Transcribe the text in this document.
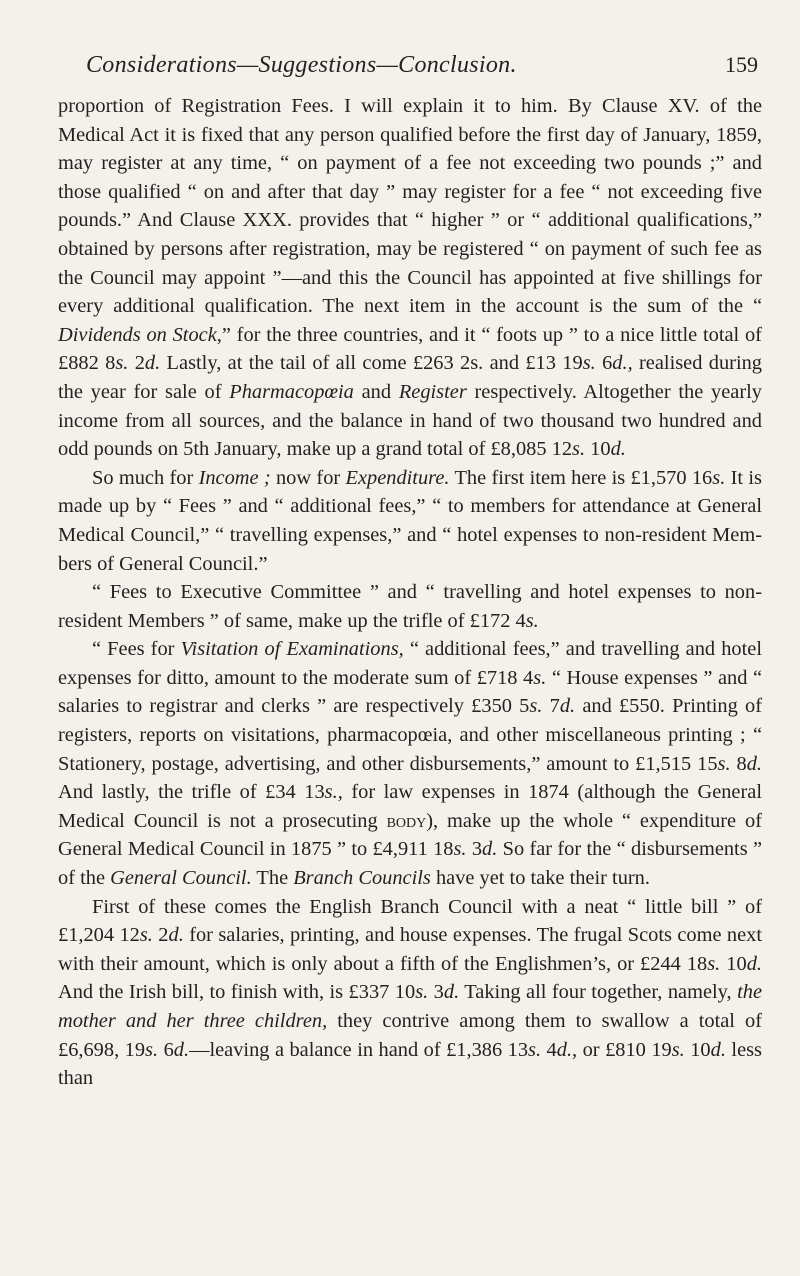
Considerations—Suggestions—Conclusion.	159

proportion of Registration Fees. I will explain it to him. By Clause XV. of the Medical Act it is fixed that any person qualified before the first day of January, 1859, may register at any time, “ on payment of a fee not exceeding two pounds ;” and those qualified “ on and after that day ” may register for a fee “ not exceeding five pounds.” And Clause XXX. provides that “ higher ” or “ additional qualifications,” obtained by persons after registration, may be registered “ on payment of such fee as the Council may appoint ”—and this the Council has appointed at five shillings for every additional qualification. The next item in the account is the sum of the “ Dividends on Stock,” for the three countries, and it “ foots up ” to a nice little total of £882 8s. 2d. Lastly, at the tail of all come £263 2s. and £13 19s. 6d., realised during the year for sale of Pharmacopœia and Register respectively. Altogether the yearly income from all sources, and the balance in hand of two thousand two hundred and odd pounds on 5th January, make up a grand total of £8,085 12s. 10d.

So much for Income ; now for Expenditure. The first item here is £1,570 16s. It is made up by “ Fees ” and “ additional fees,” “ to members for attendance at General Medical Council,” “ travelling expenses,” and “ hotel expenses to non-resident Members of General Council.”

“ Fees to Executive Committee ” and “ travelling and hotel expenses to non-resident Members ” of same, make up the trifle of £172 4s.

“ Fees for Visitation of Examinations, “ additional fees,” and travelling and hotel expenses for ditto, amount to the moderate sum of £718 4s. “ House expenses ” and “ salaries to registrar and clerks ” are respectively £350 5s. 7d. and £550. Printing of registers, reports on visitations, pharmacopœia, and other miscellaneous printing ; “ Stationery, postage, advertising, and other disbursements,” amount to £1,515 15s. 8d. And lastly, the trifle of £34 13s., for law expenses in 1874 (although the General Medical Council is not a prosecuting body), make up the whole “ expenditure of General Medical Council in 1875 ” to £4,911 18s. 3d. So far for the “ disbursements ” of the General Council. The Branch Councils have yet to take their turn.

First of these comes the English Branch Council with a neat “ little bill ” of £1,204 12s. 2d. for salaries, printing, and house expenses. The frugal Scots come next with their amount, which is only about a fifth of the Englishmen’s, or £244 18s. 10d. And the Irish bill, to finish with, is £337 10s. 3d. Taking all four together, namely, the mother and her three children, they contrive among them to swallow a total of £6,698, 19s. 6d.—leaving a balance in hand of £1,386 13s. 4d., or £810 19s. 10d. less than
